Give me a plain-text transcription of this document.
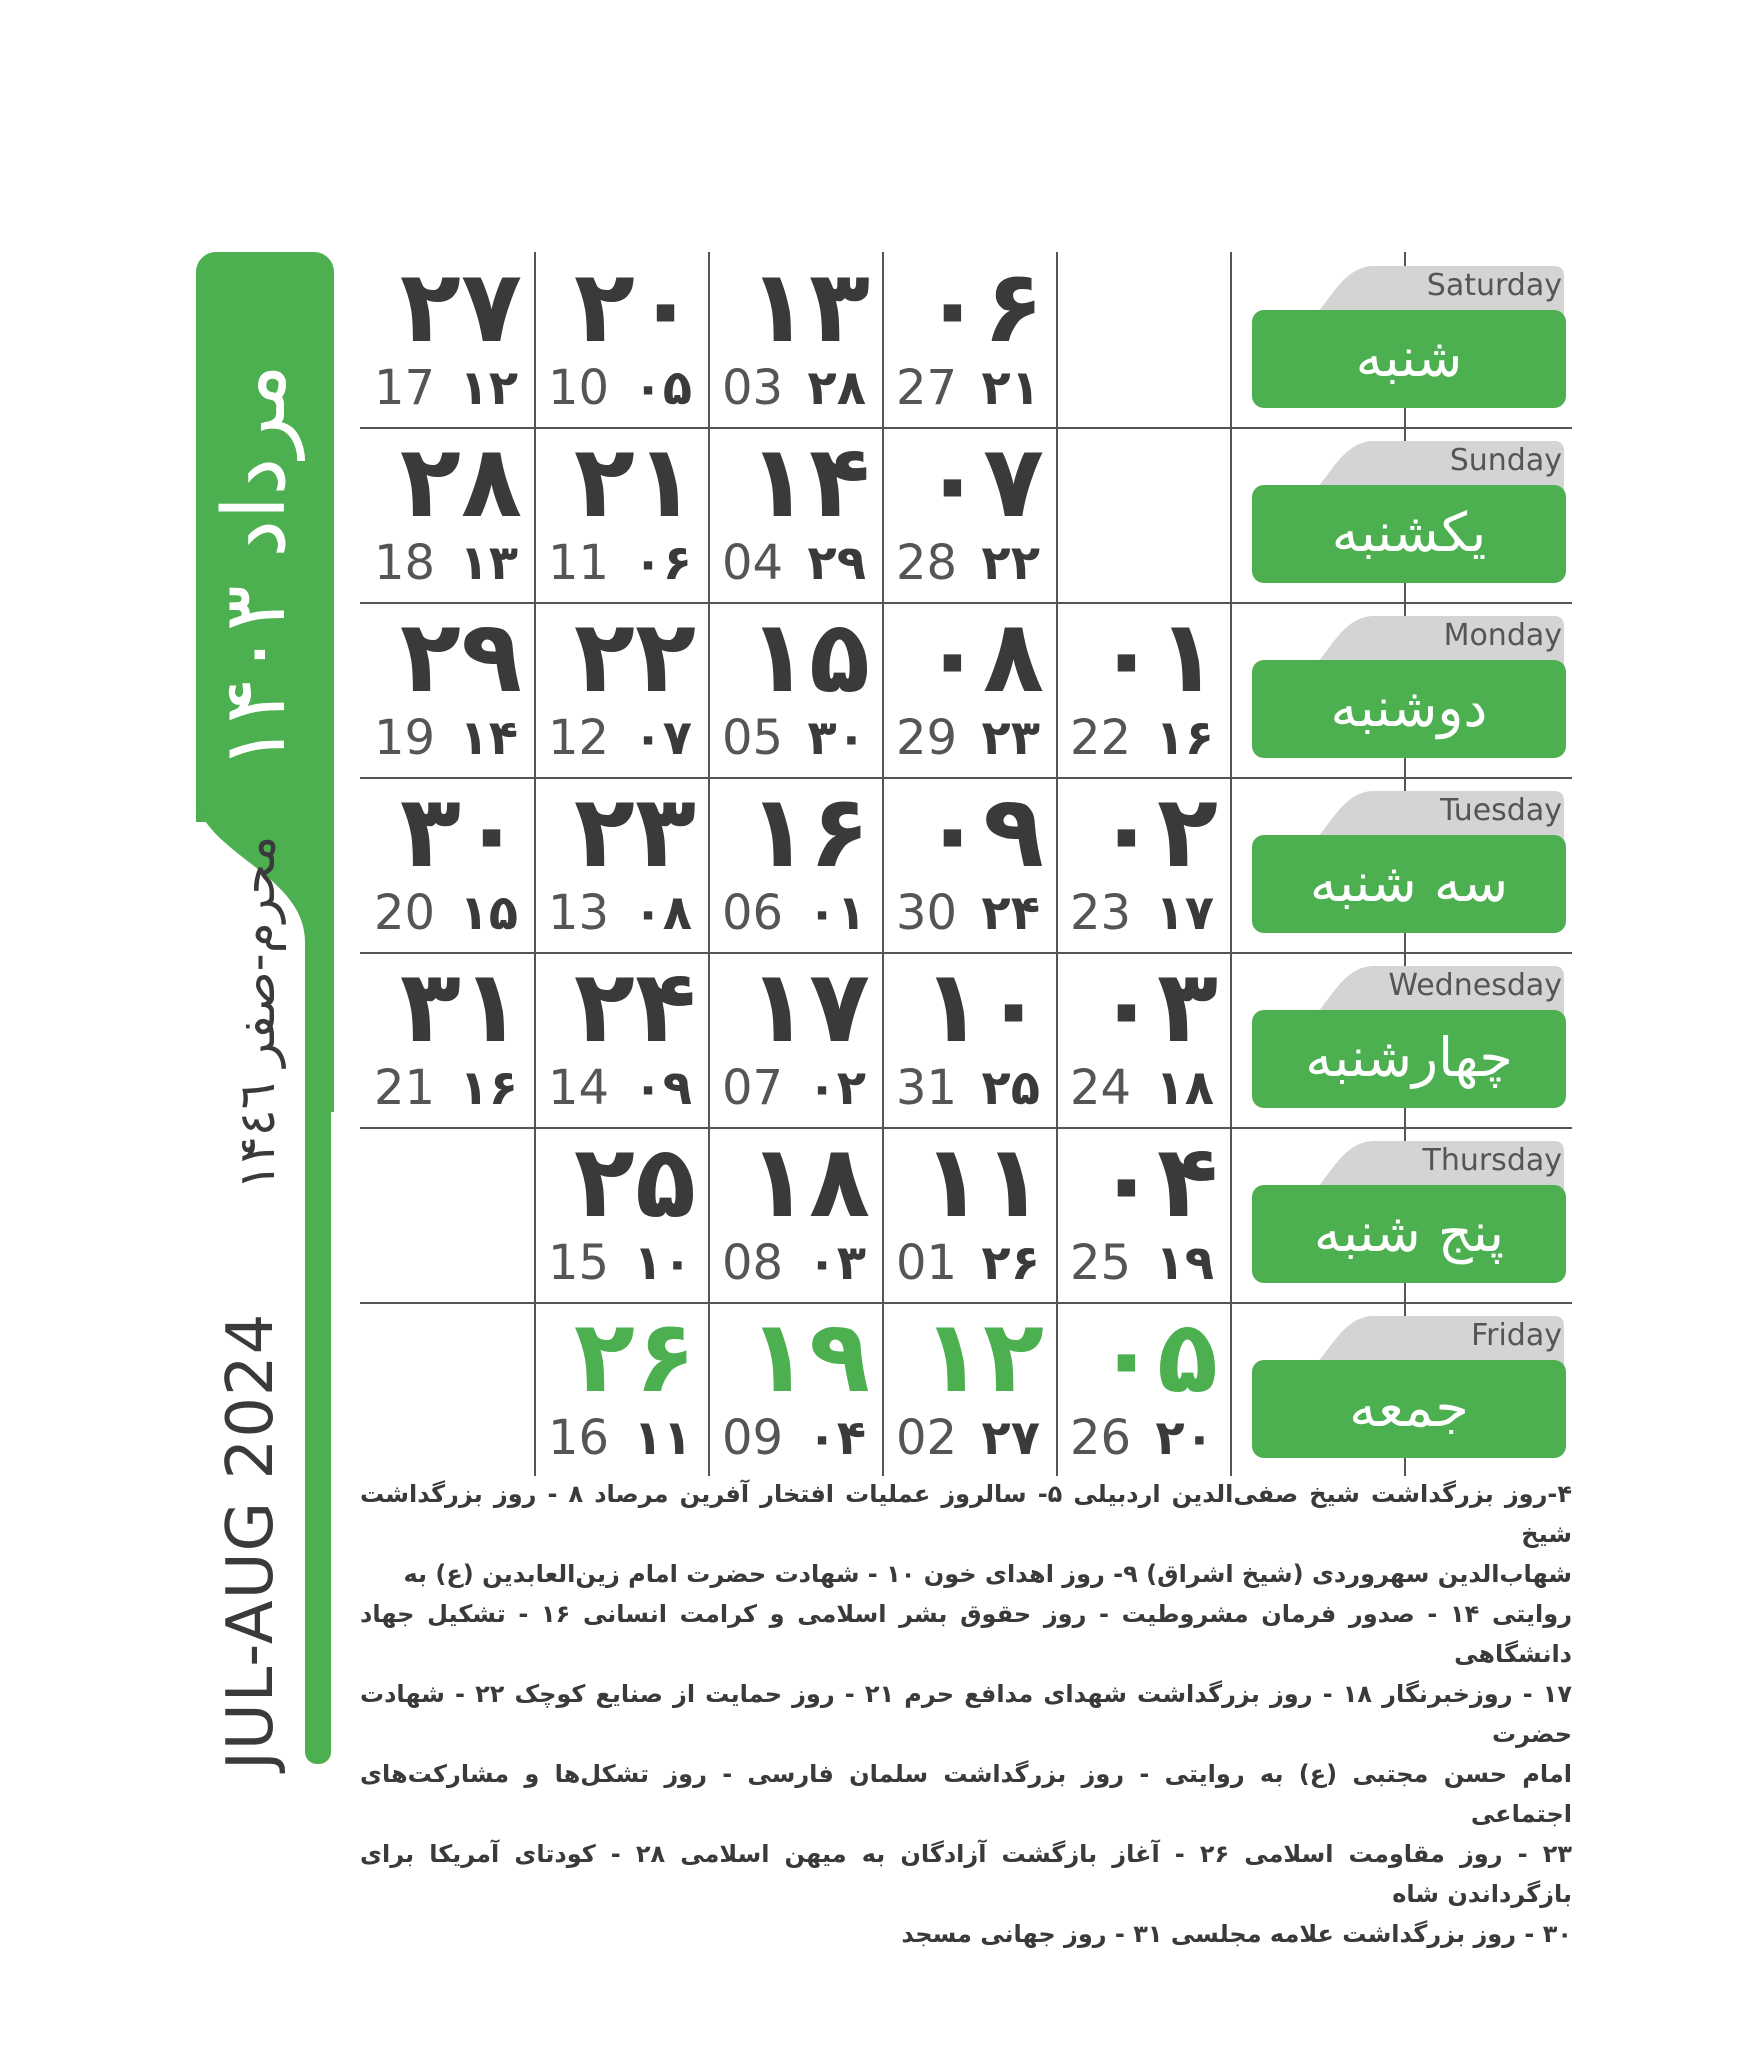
مرداد ۱۴۰۳
محرم-صفر ۱۴٤٦
JUL-AUG 2024
۰۱
۱۶
22
۰۲
۱۷
23
۰۳
۱۸
24
۰۴
۱۹
25
۰۵
۲۰
26
۰۶
۲۱
27
۰۷
۲۲
28
۰۸
۲۳
29
۰۹
۲۴
30
۱۰
۲۵
31
۱۱
۲۶
01
۱۲
۲۷
02
۱۳
۲۸
03
۱۴
۲۹
04
۱۵
۳۰
05
۱۶
۰۱
06
۱۷
۰۲
07
۱۸
۰۳
08
۱۹
۰۴
09
۲۰
۰۵
10
۲۱
۰۶
11
۲۲
۰۷
12
۲۳
۰۸
13
۲۴
۰۹
14
۲۵
۱۰
15
۲۶
۱۱
16
۲۷
۱۲
17
۲۸
۱۳
18
۲۹
۱۴
19
۳۰
۱۵
20
۳۱
۱۶
21

۴-روز بزرگداشت شیخ صفی‌الدین اردبیلی ۵- سالروز عملیات افتخار آفرین مرصاد ۸ - روز بزرگداشت شیخ

شهاب‌الدین سهروردی (شیخ اشراق) ۹- روز اهدای خون ۱۰ - شهادت حضرت امام زین‌العابدین (ع) به

روایتی ۱۴ - صدور فرمان مشروطیت - روز حقوق بشر اسلامی و کرامت انسانی ۱۶ - تشکیل جهاد دانشگاهی

۱۷ - روزخبرنگار ۱۸ - روز بزرگداشت شهدای مدافع حرم ۲۱ - روز حمایت از صنایع کوچک ۲۲ - شهادت حضرت

امام حسن مجتبی (ع) به روایتی - روز بزرگداشت سلمان فارسی - روز تشکل‌ها و مشارکت‌های اجتماعی

۲۳ - روز مقاومت اسلامی ۲۶ - آغاز بازگشت آزادگان به میهن اسلامی ۲۸ - کودتای آمریکا برای بازگرداندن شاه

۳۰ - روز بزرگداشت علامه مجلسی ۳۱ - روز جهانی مسجد

Saturday
شنبه
Sunday
یکشنبه
Monday
دوشنبه
Tuesday
سه شنبه
Wednesday
چهارشنبه
Thursday
پنج شنبه
Friday
جمعه
